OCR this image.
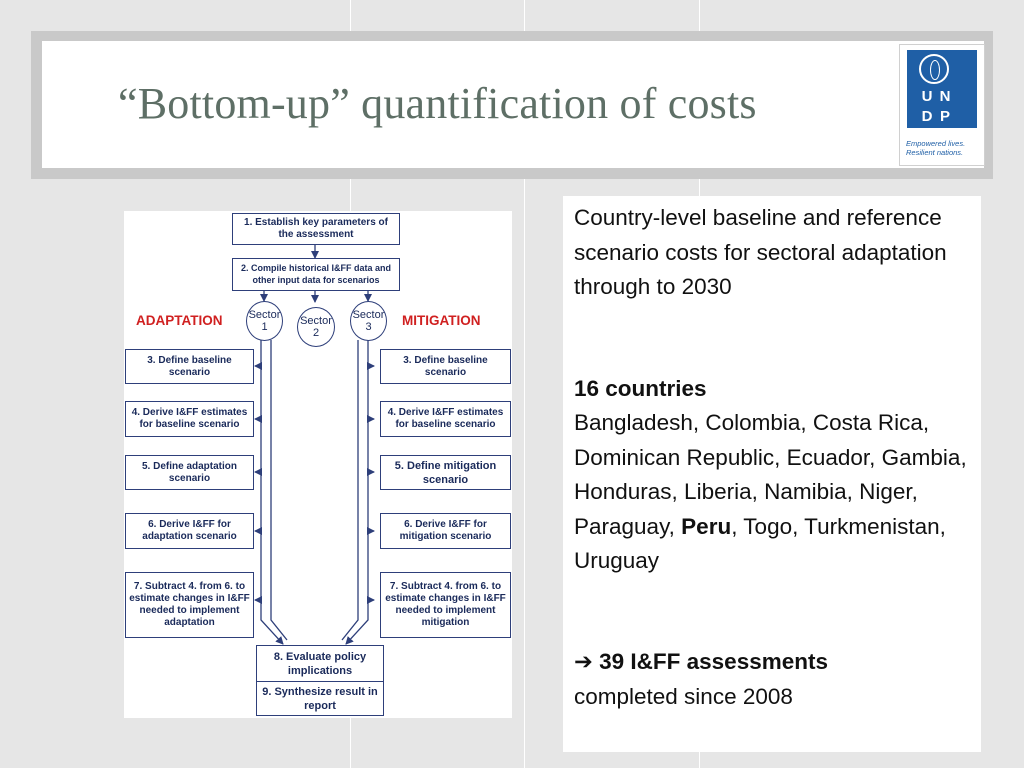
“Bottom-up” quantification of costs	U N
D P
Empowered lives.
Resilient nations.
1. Establish key parameters of the assessment
2. Compile historical I&FF data and other input data for scenarios
ADAPTATION	MITIGATION
Sector 1	Sector 2
Sector 3
3. Define baseline scenario
4. Derive I&FF estimates for baseline scenario
5. Define adaptation scenario
6. Derive I&FF for adaptation scenario
7. Subtract 4. from 6. to estimate changes in I&FF needed to implement adaptation
3. Define baseline scenario
4. Derive I&FF estimates for baseline scenario
5. Define mitigation scenario
6. Derive I&FF for mitigation scenario
7. Subtract 4. from 6. to estimate changes in I&FF needed to implement mitigation
8. Evaluate policy implications
9. Synthesize result in report
Country-level baseline and reference scenario costs for sectoral adaptation through to 2030
16 countries
Bangladesh, Colombia, Costa Rica, Dominican Republic, Ecuador, Gambia, Honduras, Liberia, Namibia, Niger, Paraguay, Peru, Togo, Turkmenistan, Uruguay
➔ 39 I&FF assessments
completed since 2008
